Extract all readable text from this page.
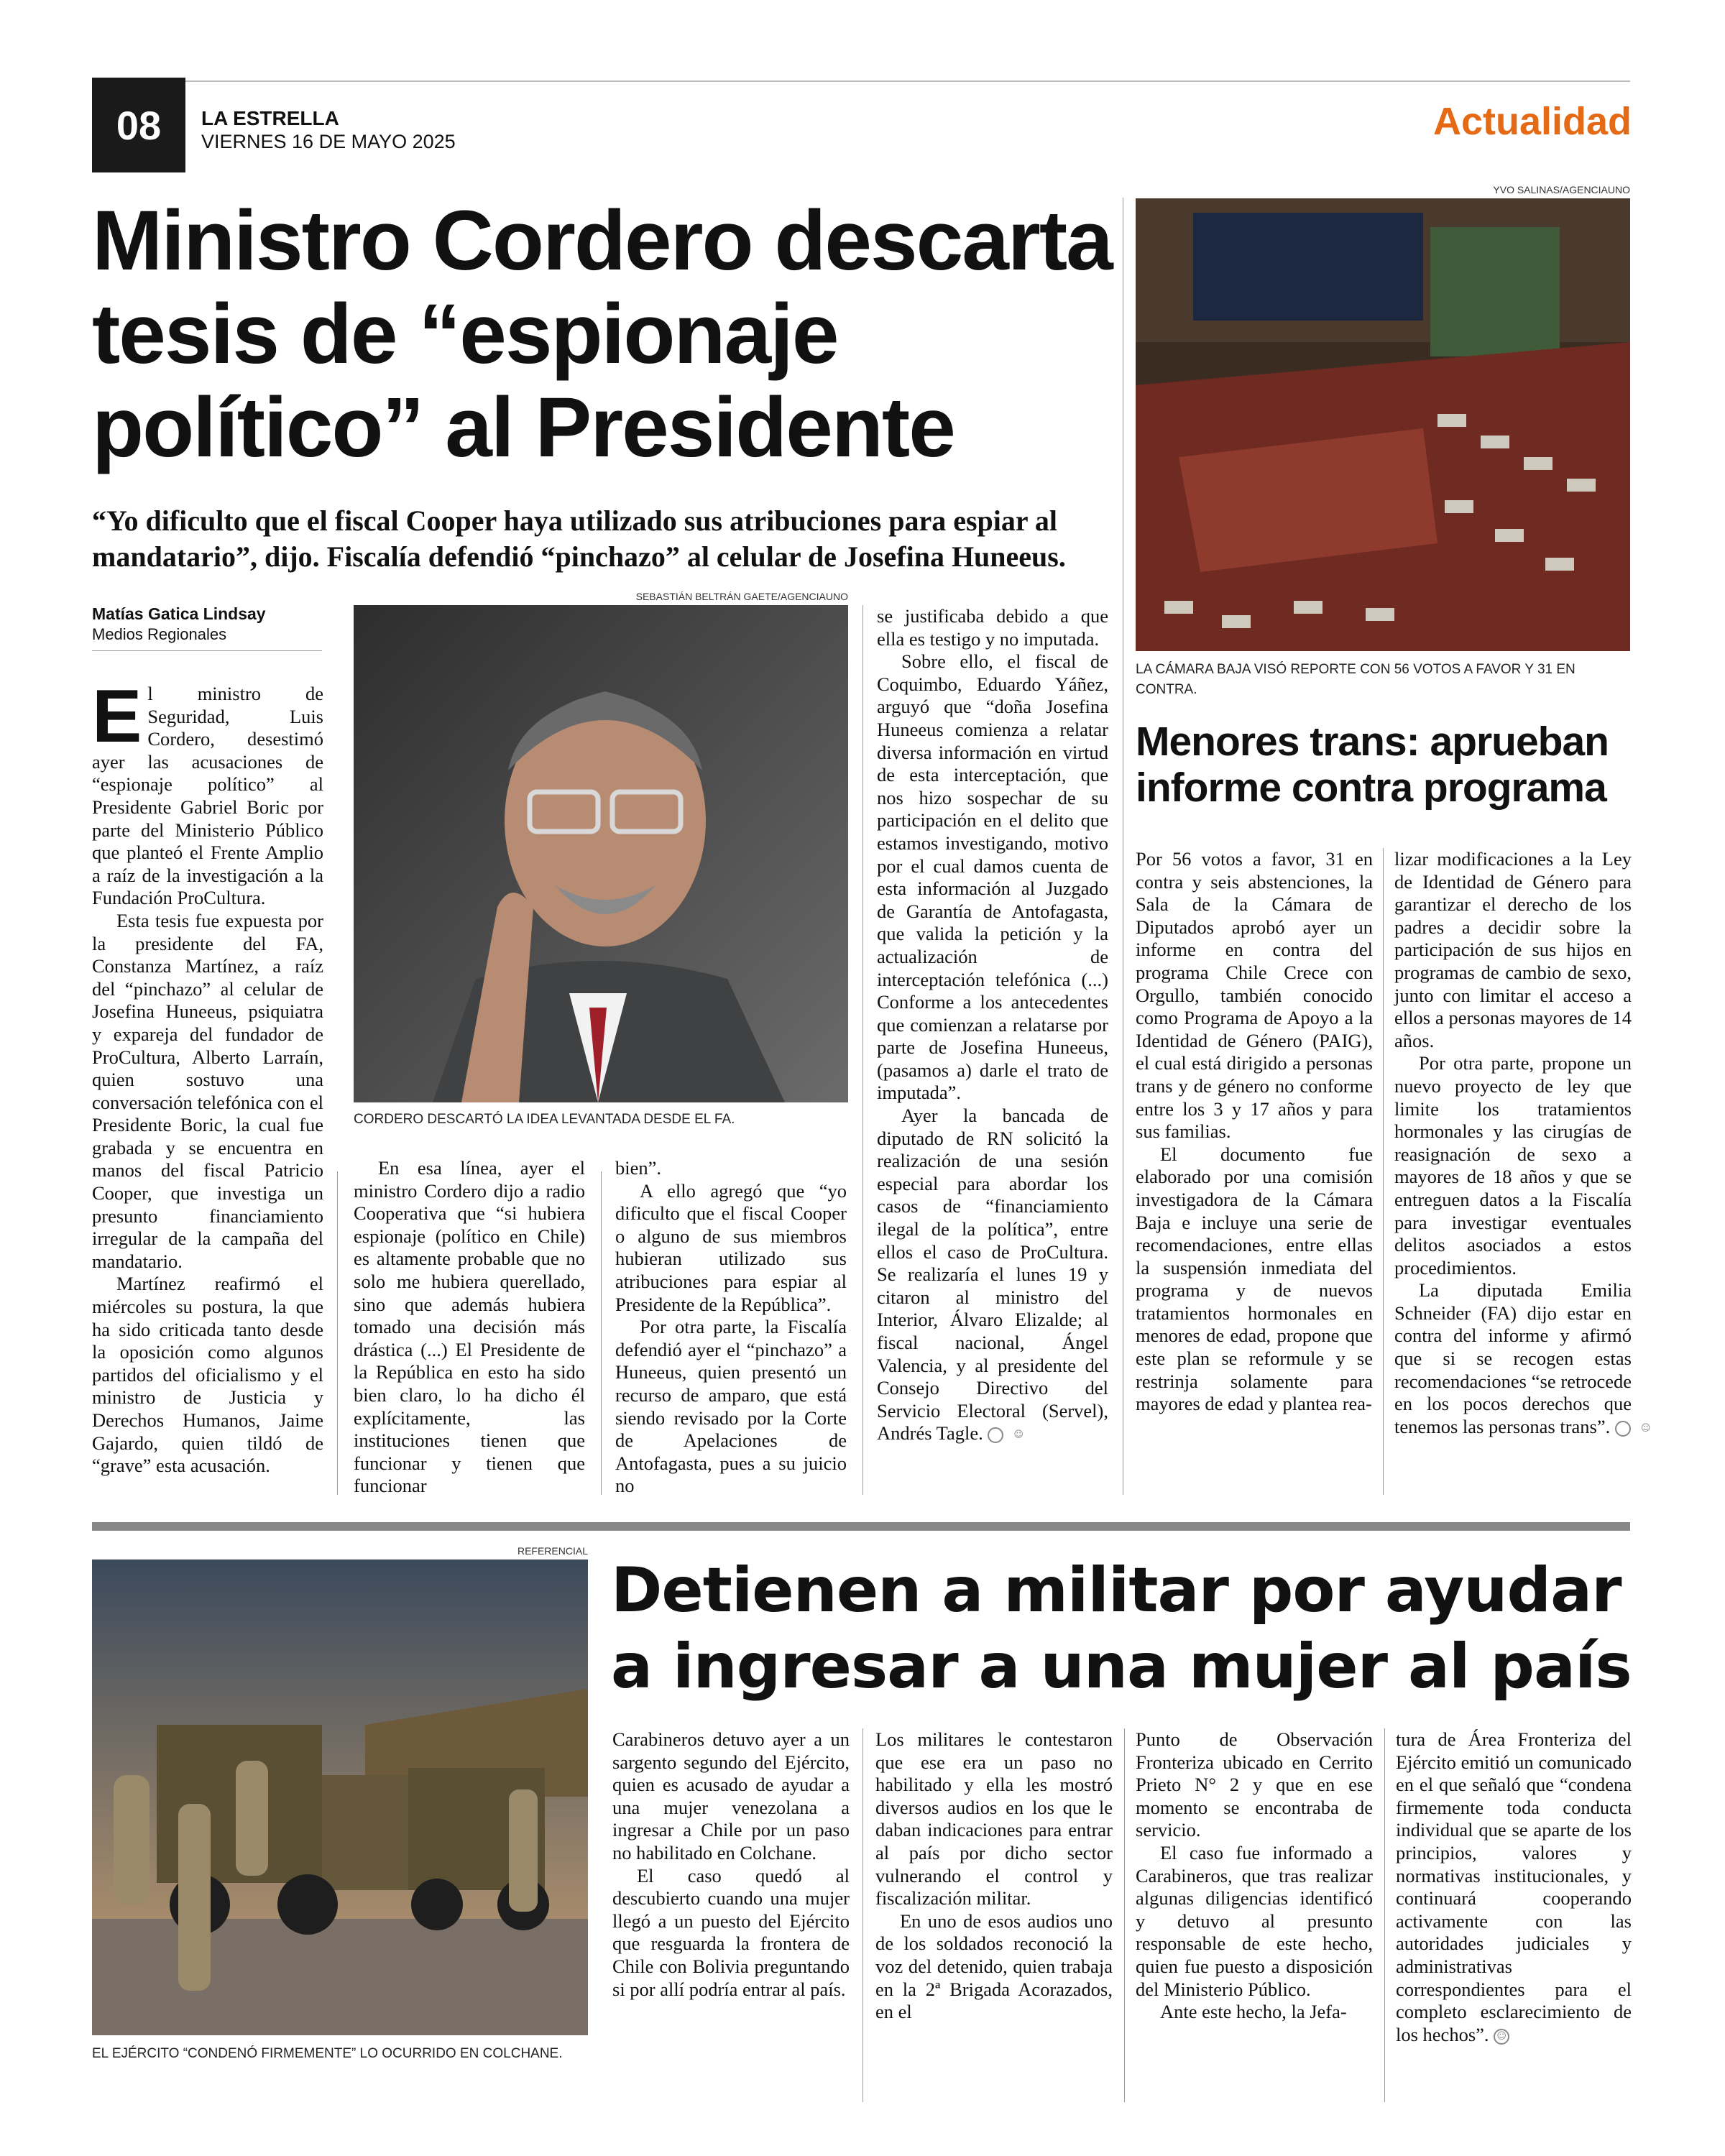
08	LA ESTRELLA
VIERNES 16 DE MAYO 2025	Actualidad
Ministro Cordero descarta tesis de “espionaje político” al Presidente
“Yo dificulto que el fiscal Cooper haya utilizado sus atribuciones para espiar al mandatario”, dijo. Fiscalía defendió “pinchazo” al celular de Josefina Huneeus.
Matías Gatica Lindsay
Medios Regionales
SEBASTIÁN BELTRÁN GAETE/AGENCIAUNO
CORDERO DESCARTÓ LA IDEA LEVANTADA DESDE EL FA.

El ministro de Seguridad, Luis Cordero, desestimó ayer las acusaciones de “espionaje político” al Presidente Gabriel Boric por parte del Ministerio Público que planteó el Frente Amplio a raíz de la investigación a la Fundación ProCultura.

Esta tesis fue expuesta por la presidente del FA, Constanza Martínez, a raíz del “pinchazo” al celular de Josefina Huneeus, psiquiatra y expareja del fundador de ProCultura, Alberto Larraín, quien sostuvo una conversación telefónica con el Presidente Boric, la cual fue grabada y se encuentra en manos del fiscal Patricio Cooper, que investiga un presunto financiamiento irregular de la campaña del mandatario.

Martínez reafirmó el miércoles su postura, la que ha sido criticada tanto desde la oposición como algunos partidos del oficialismo y el ministro de Justicia y Derechos Humanos, Jaime Gajardo, quien tildó de “grave” esta acusación.

En esa línea, ayer el ministro Cordero dijo a radio Cooperativa que “si hubiera espionaje (político en Chile) es altamente probable que no solo me hubiera querellado, sino que además hubiera tomado una decisión más drástica (...) El Presidente de la República en esto ha sido bien claro, lo ha dicho él explícitamente, las instituciones tienen que funcionar y tienen que funcionar

bien”.

A ello agregó que “yo dificulto que el fiscal Cooper o alguno de sus miembros hubieran utilizado sus atribuciones para espiar al Presidente de la República”.

Por otra parte, la Fiscalía defendió ayer el “pinchazo” a Huneeus, quien presentó un recurso de amparo, que está siendo revisado por la Corte de Apelaciones de Antofagasta, pues a su juicio no

se justificaba debido a que ella es testigo y no imputada.

Sobre ello, el fiscal de Coquimbo, Eduardo Yáñez, arguyó que “doña Josefina Huneeus comienza a relatar diversa información en virtud de esta interceptación, que nos hizo sospechar de su participación en el delito que estamos investigando, motivo por el cual damos cuenta de esta información al Juzgado de Garantía de Antofagasta, que valida la petición y la actualización de interceptación telefónica (...) Conforme a los antecedentes que comienzan a relatarse por parte de Josefina Huneeus, (pasamos a) darle el trato de imputada”.

Ayer la bancada de diputado de RN solicitó la realización de una sesión especial para abordar los casos de “financiamiento ilegal de la política”, entre ellos el caso de ProCultura. Se realizaría el lunes 19 y citaron al ministro del Interior, Álvaro Elizalde; al fiscal nacional, Ángel Valencia, y al presidente del Consejo Directivo del Servicio Electoral (Servel), Andrés Tagle.	☺

YVO SALINAS/AGENCIAUNO
LA CÁMARA BAJA VISÓ REPORTE CON 56 VOTOS A FAVOR Y 31 EN CONTRA.
Menores trans: aprueban informe contra programa

Por 56 votos a favor, 31 en contra y seis abstenciones, la Sala de la Cámara de Diputados aprobó ayer un informe en contra del programa Chile Crece con Orgullo, también conocido como Programa de Apoyo a la Identidad de Género (PAIG), el cual está dirigido a personas trans y de género no conforme entre los 3 y 17 años y para sus familias.

El documento fue elaborado por una comisión investigadora de la Cámara Baja e incluye una serie de recomendaciones, entre ellas la suspensión inmediata del programa y de nuevos tratamientos hormonales en menores de edad, propone que este plan se reformule y se restrinja solamente para mayores de edad y plantea rea-

lizar modificaciones a la Ley de Identidad de Género para garantizar el derecho de los padres a decidir sobre la participación de sus hijos en programas de cambio de sexo, junto con limitar el acceso a ellos a personas mayores de 14 años.

Por otra parte, propone un nuevo proyecto de ley que limite los tratamientos hormonales y las cirugías de reasignación de sexo a mayores de 18 años y que se entreguen datos a la Fiscalía para investigar eventuales delitos asociados a estos procedimientos.

La diputada Emilia Schneider (FA) dijo estar en contra del informe y afirmó que si se recogen estas recomendaciones “se retrocede en los pocos derechos que tenemos las personas trans”.	☺

REFERENCIAL
EL EJÉRCITO “CONDENÓ FIRMEMENTE” LO OCURRIDO EN COLCHANE.
Detienen a militar por ayudar a ingresar a una mujer al país

Carabineros detuvo ayer a un sargento segundo del Ejército, quien es acusado de ayudar a una mujer venezolana a ingresar a Chile por un paso no habilitado en Colchane.

El caso quedó al descubierto cuando una mujer llegó a un puesto del Ejército que resguarda la frontera de Chile con Bolivia preguntando si por allí podría entrar al país.

Los militares le contestaron que ese era un paso no habilitado y ella les mostró diversos audios en los que le daban indicaciones para entrar al país por dicho sector vulnerando el control y fiscalización militar.

En uno de esos audios uno de los soldados reconoció la voz del detenido, quien trabaja en la 2ª Brigada Acorazados, en el

Punto de Observación Fronteriza ubicado en Cerrito Prieto N° 2 y que en ese momento se encontraba de servicio.

El caso fue informado a Carabineros, que tras realizar algunas diligencias identificó y detuvo al presunto responsable de este hecho, quien fue puesto a disposición del Ministerio Público.

Ante este hecho, la Jefa-

tura de Área Fronteriza del Ejército emitió un comunicado en el que señaló que “condena firmemente toda conducta individual que se aparte de los principios, valores y normativas institucionales, y continuará cooperando activamente con las autoridades judiciales y administrativas correspondientes para el completo esclarecimiento de los hechos”. ☺
